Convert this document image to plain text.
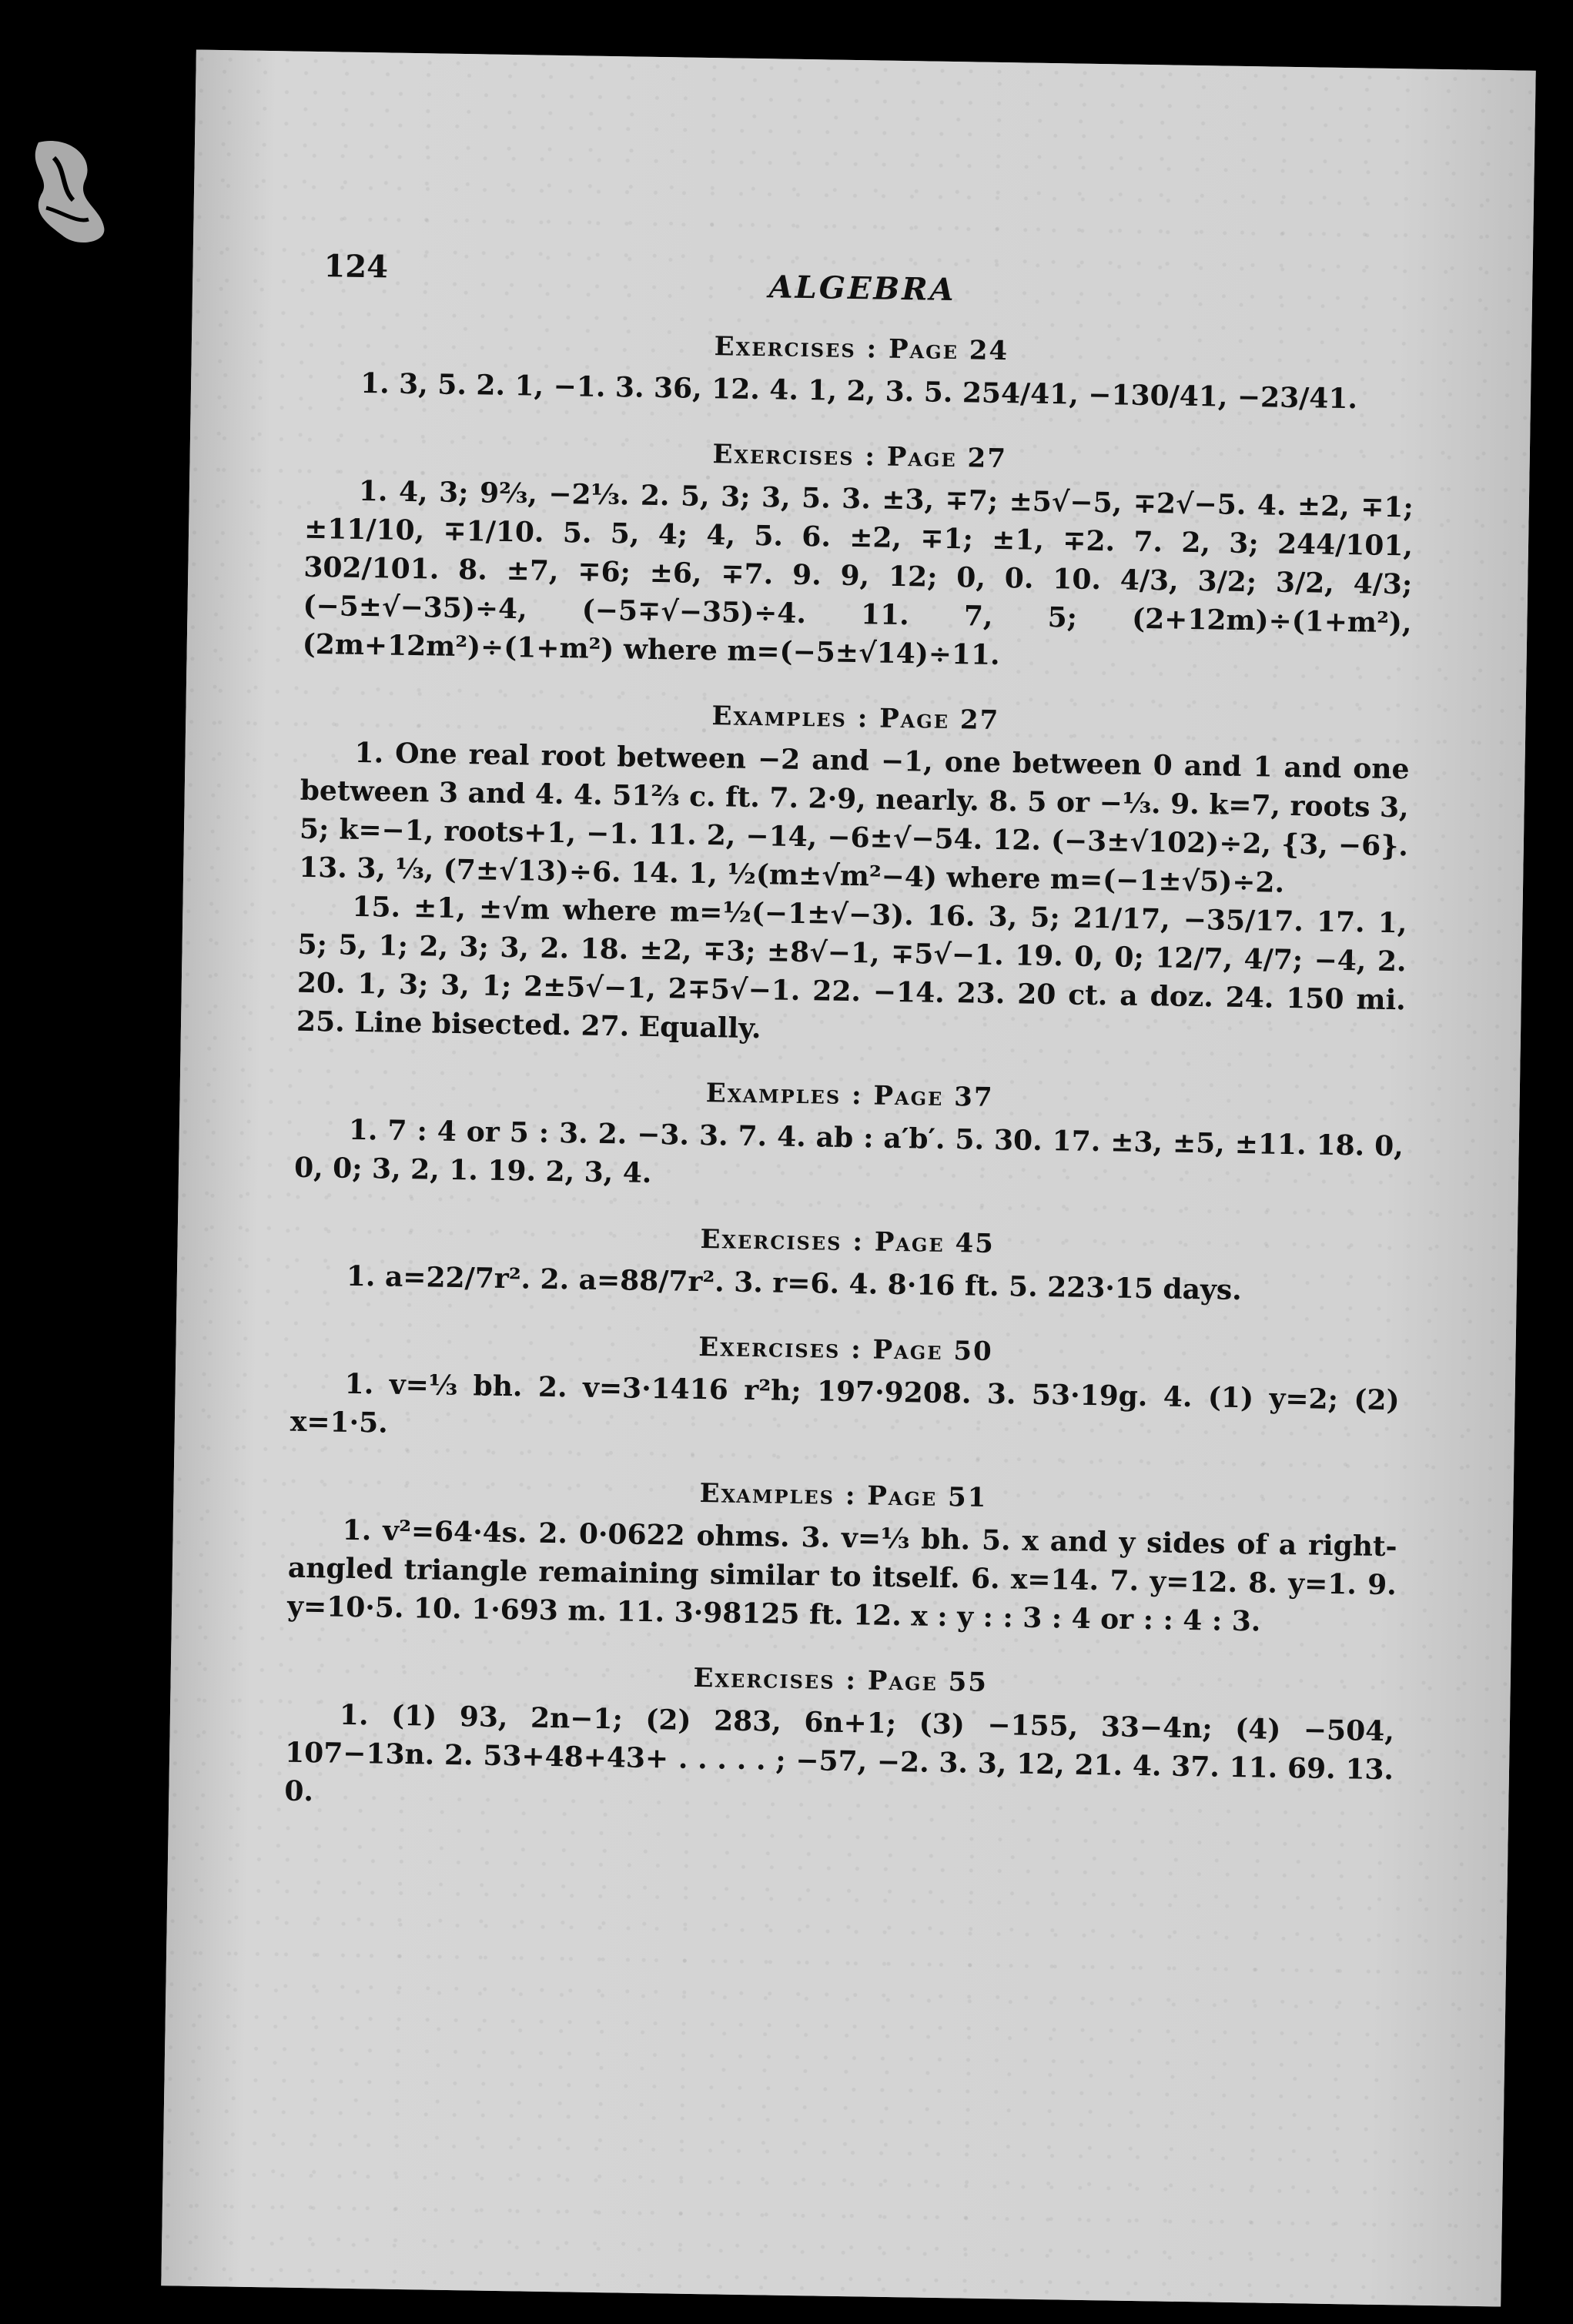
124
ALGEBRA
Exercises : Page 24

1. 3, 5. 2. 1, −1. 3. 36, 12. 4. 1, 2, 3. 5. 254/41, −130/41, −23/41.

Exercises : Page 27

1. 4, 3; 9⅔, −2⅓. 2. 5, 3; 3, 5. 3. ±3, ∓7; ±5√−5, ∓2√−5. 4. ±2, ∓1; ±11/10, ∓1/10. 5. 5, 4; 4, 5. 6. ±2, ∓1; ±1, ∓2. 7. 2, 3; 244/101, 302/101. 8. ±7, ∓6; ±6, ∓7. 9. 9, 12; 0, 0. 10. 4/3, 3/2; 3/2, 4/3; (−5±√−35)÷4, (−5∓√−35)÷4. 11. 7, 5; (2+12m)÷(1+m²), (2m+12m²)÷(1+m²) where m=(−5±√14)÷11.

Examples : Page 27

1. One real root between −2 and −1, one between 0 and 1 and one between 3 and 4. 4. 51⅔ c. ft. 7. 2·9, nearly. 8. 5 or −⅓. 9. k=7, roots 3, 5; k=−1, roots+1, −1. 11. 2, −14, −6±√−54. 12. (−3±√102)÷2, {3, −6}. 13. 3, ⅓, (7±√13)÷6. 14. 1, ½(m±√m²−4) where m=(−1±√5)÷2.

15. ±1, ±√m where m=½(−1±√−3). 16. 3, 5; 21/17, −35/17. 17. 1, 5; 5, 1; 2, 3; 3, 2. 18. ±2, ∓3; ±8√−1, ∓5√−1. 19. 0, 0; 12/7, 4/7; −4, 2. 20. 1, 3; 3, 1; 2±5√−1, 2∓5√−1. 22. −14. 23. 20 ct. a doz. 24. 150 mi. 25. Line bisected. 27. Equally.

Examples : Page 37

1. 7 : 4 or 5 : 3. 2. −3. 3. 7. 4. ab : a′b′. 5. 30. 17. ±3, ±5, ±11. 18. 0, 0, 0; 3, 2, 1. 19. 2, 3, 4.

Exercises : Page 45

1. a=22/7r². 2. a=88/7r². 3. r=6. 4. 8·16 ft. 5. 223·15 days.

Exercises : Page 50

1. v=⅓ bh. 2. v=3·1416 r²h; 197·9208. 3. 53·19g. 4. (1) y=2; (2) x=1·5.

Examples : Page 51

1. v²=64·4s. 2. 0·0622 ohms. 3. v=⅓ bh. 5. x and y sides of a right-angled triangle remaining similar to itself. 6. x=14. 7. y=12. 8. y=1. 9. y=10·5. 10. 1·693 m. 11. 3·98125 ft. 12. x : y : : 3 : 4 or : : 4 : 3.

Exercises : Page 55

1. (1) 93, 2n−1; (2) 283, 6n+1; (3) −155, 33−4n; (4) −504, 107−13n. 2. 53+48+43+ . . . . . ; −57, −2. 3. 3, 12, 21. 4. 37. 11. 69. 13. 0.
